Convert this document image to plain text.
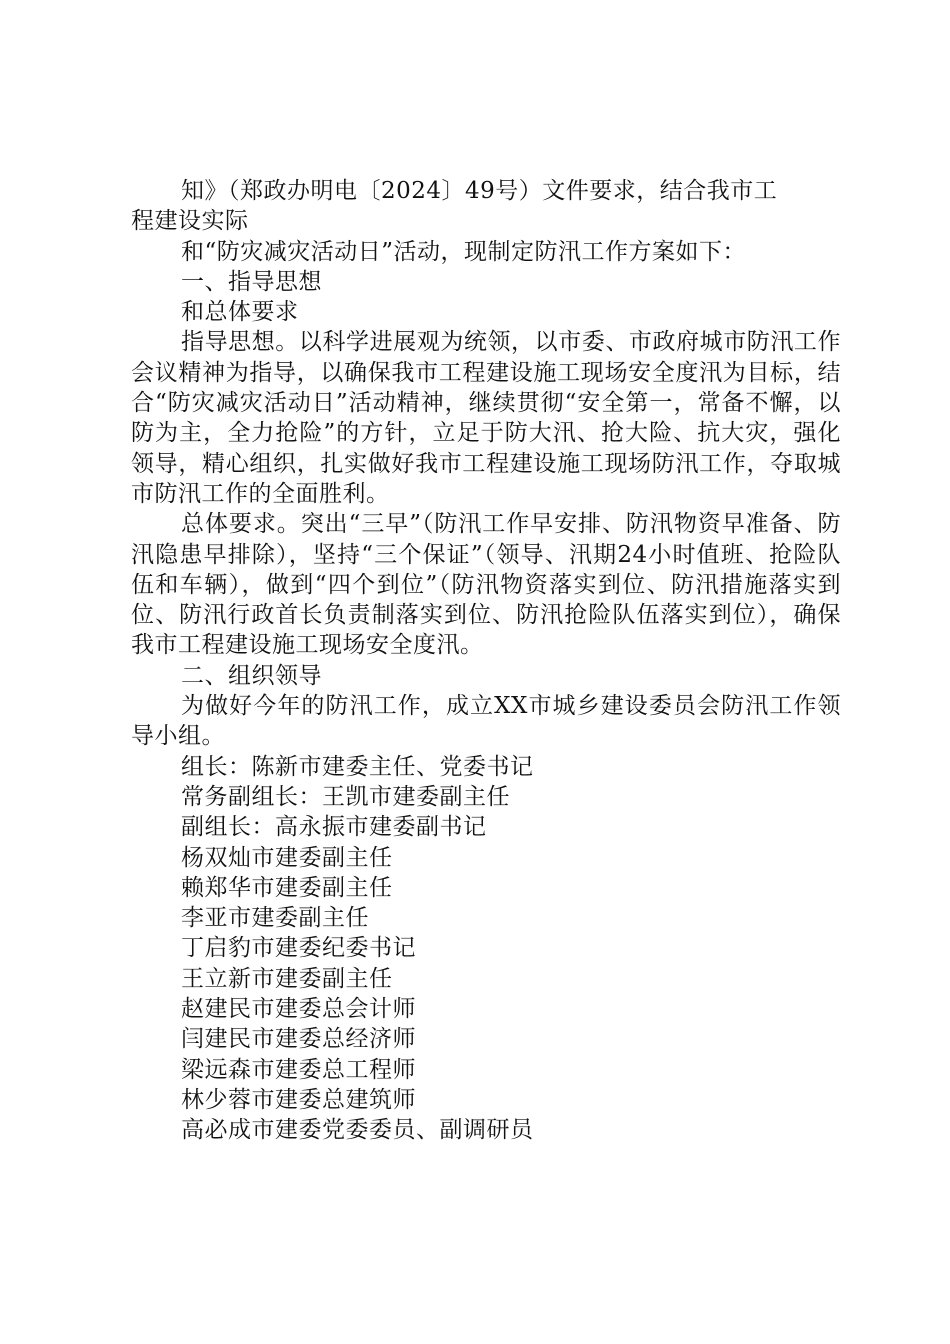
知》（郑政办明电〔2024〕49号）文件要求，结合我市工
程建设实际
和“防灾减灾活动日”活动，现制定防汛工作方案如下：
一、指导思想
和总体要求

指导思想。以科学进展观为统领，以市委、市政府城市防汛工作会议精神为指导，以确保我市工程建设施工现场安全度汛为目标，结合“防灾减灾活动日”活动精神，继续贯彻“安全第一，常备不懈，以防为主，全力抢险”的方针，立足于防大汛、抢大险、抗大灾，强化领导，精心组织，扎实做好我市工程建设施工现场防汛工作，夺取城市防汛工作的全面胜利。

总体要求。突出“三早”（防汛工作早安排、防汛物资早准备、防汛隐患早排除），坚持“三个保证”（领导、汛期24小时值班、抢险队伍和车辆），做到“四个到位”（防汛物资落实到位、防汛措施落实到位、防汛行政首长负责制落实到位、防汛抢险队伍落实到位），确保我市工程建设施工现场安全度汛。

二、组织领导

为做好今年的防汛工作，成立XX市城乡建设委员会防汛工作领导小组。

组长：陈新市建委主任、党委书记
常务副组长：王凯市建委副主任
副组长：高永振市建委副书记
杨双灿市建委副主任
赖郑华市建委副主任
李亚市建委副主任
丁启豹市建委纪委书记
王立新市建委副主任
赵建民市建委总会计师
闫建民市建委总经济师
梁远森市建委总工程师
林少蓉市建委总建筑师
高必成市建委党委委员、副调研员
